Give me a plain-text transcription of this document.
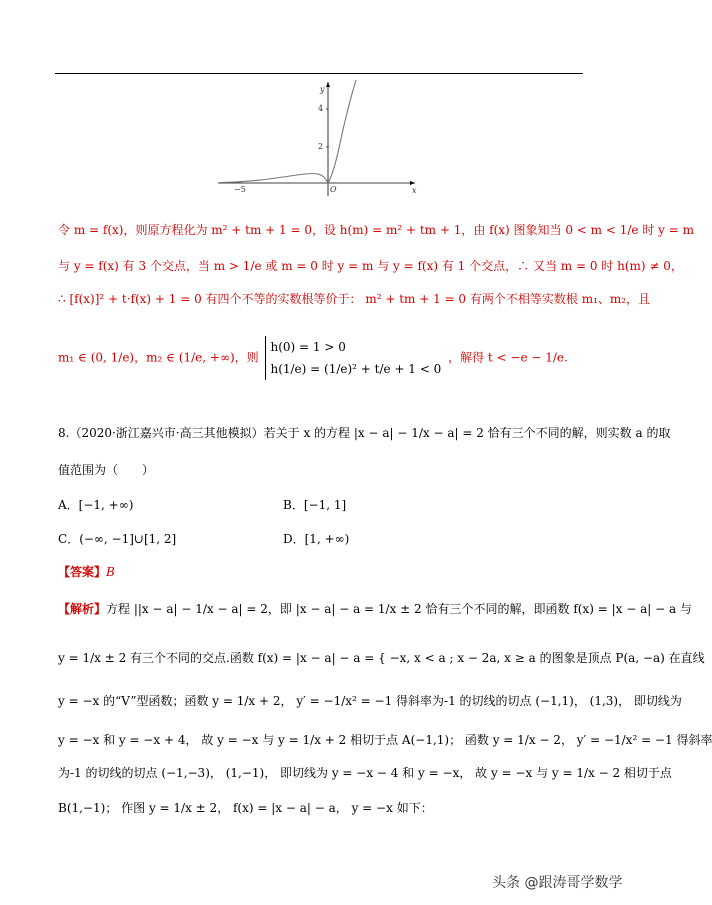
y
x
4
2
−5	O
令 m = f(x)，则原方程化为 m² + tm + 1 = 0，设 h(m) = m² + tm + 1，由 f(x) 图象知当 0 < m < 1/e 时 y = m
与 y = f(x) 有 3 个交点，当 m > 1/e 或 m = 0 时 y = m 与 y = f(x) 有 1 个交点，∴ 又当 m = 0 时 h(m) ≠ 0，
∴ [f(x)]² + t·f(x) + 1 = 0 有四个不等的实数根等价于： m² + tm + 1 = 0 有两个不相等实数根 m₁、m₂，且
m₁ ∈ (0, 1/e)，m₂ ∈ (1/e, +∞)，则
h(0) = 1 > 0
h(1/e) = (1/e)² + t/e + 1 < 0
，解得 t < −e − 1/e.
8.（2020·浙江嘉兴市·高三其他模拟）若关于 x 的方程 |x − a| − 1/x − a| = 2 恰有三个不同的解，则实数 a 的取
值范围为（　　）
A．[−1, +∞)	B．[−1, 1]
C．(−∞, −1]∪[1, 2]	D．[1, +∞)
【答案】B
【解析】方程 ||x − a| − 1/x − a| = 2，即 |x − a| − a = 1/x ± 2 恰有三个不同的解，即函数 f(x) = |x − a| − a 与
y = 1/x ± 2 有三个不同的交点.函数 f(x) = |x − a| − a = { −x, x < a ; x − 2a, x ≥ a 的图象是顶点 P(a, −a) 在直线
y = −x 的“V”型函数；函数 y = 1/x + 2， y′ = −1/x² = −1 得斜率为-1 的切线的切点 (−1,1)， (1,3)， 即切线为
y = −x 和 y = −x + 4， 故 y = −x 与 y = 1/x + 2 相切于点 A(−1,1)； 函数 y = 1/x − 2， y′ = −1/x² = −1 得斜率
为-1 的切线的切点 (−1,−3)， (1,−1)， 即切线为 y = −x − 4 和 y = −x， 故 y = −x 与 y = 1/x − 2 相切于点
B(1,−1)； 作图 y = 1/x ± 2， f(x) = |x − a| − a， y = −x 如下：
头条 @跟涛哥学数学
